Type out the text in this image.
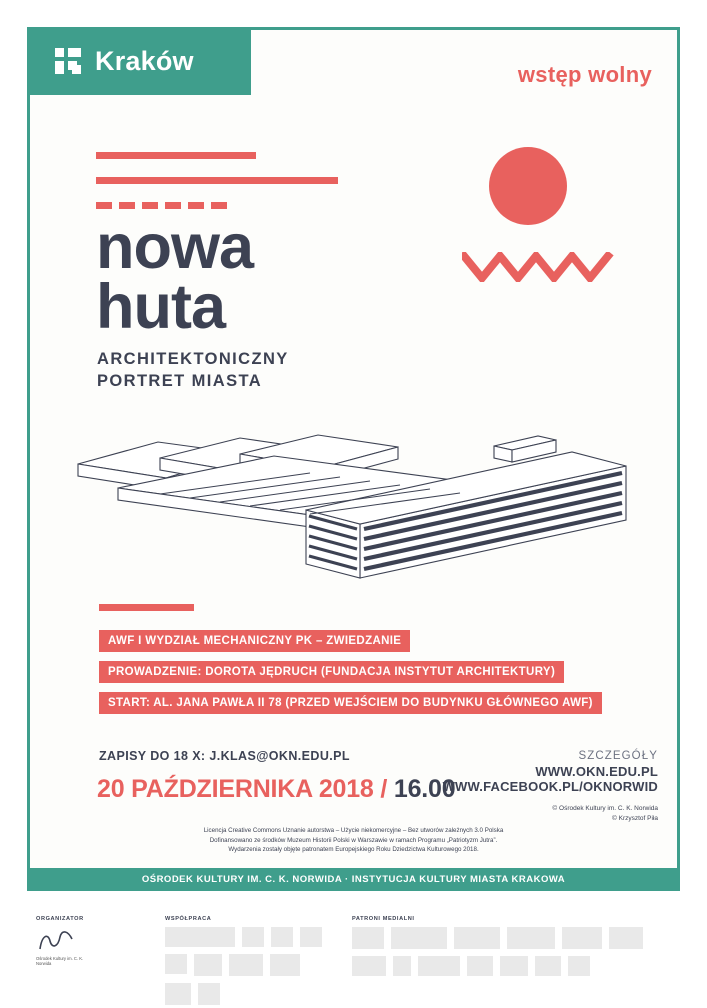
Kraków	wstęp wolny
nowa
huta
ARCHITEKTONICZNY
PORTRET MIASTA
AWF I WYDZIAŁ MECHANICZNY PK – ZWIEDZANIE
PROWADZENIE: DOROTA JĘDRUCH (FUNDACJA INSTYTUT ARCHITEKTURY)
START: AL. JANA PAWŁA II 78 (PRZED WEJŚCIEM DO BUDYNKU GŁÓWNEGO AWF)
ZAPISY DO 18 X: J.KLAS@OKN.EDU.PL
20 PAŹDZIERNIKA 2018 / 16.00
SZCZEGÓŁY
WWW.OKN.EDU.PL
WWW.FACEBOOK.PL/OKNORWID
© Ośrodek Kultury im. C. K. Norwida
© Krzysztof Piła
Licencja Creative Commons Uznanie autorstwa – Użycie niekomercyjne – Bez utworów zależnych 3.0 Polska
Dofinansowano ze środków Muzeum Historii Polski w Warszawie w ramach Programu „Patriotyzm Jutra”.
Wydarzenia zostały objęte patronatem Europejskiego Roku Dziedzictwa Kulturowego 2018.
OŚRODEK KULTURY IM. C. K. NORWIDA · INSTYTUCJA KULTURY MIASTA KRAKOWA
ORGANIZATOR
Ośrodek Kultury im. C. K. Norwida
WSPÓŁPRACA	PATRONI MEDIALNI
